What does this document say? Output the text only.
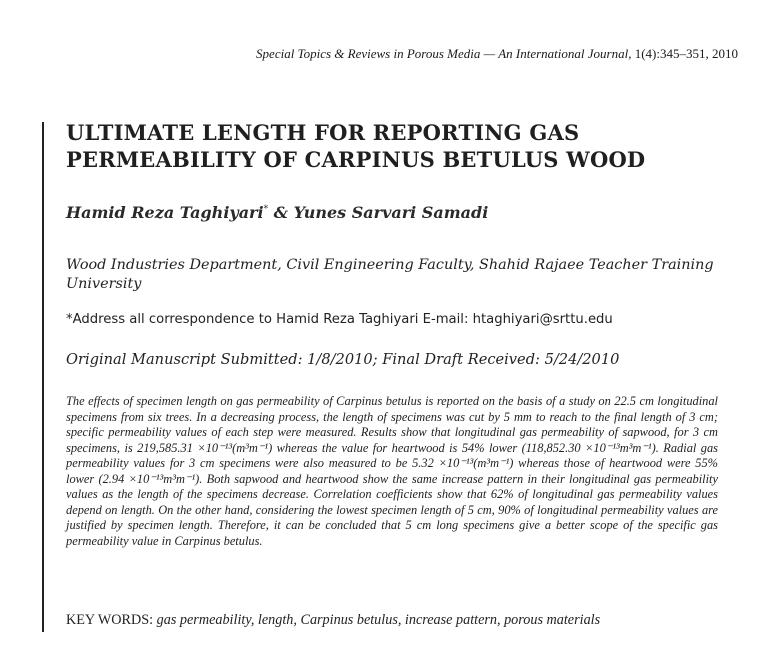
Special Topics & Reviews in Porous Media — An International Journal, 1(4):345–351, 2010
ULTIMATE LENGTH FOR REPORTING GAS
PERMEABILITY OF CARPINUS BETULUS WOOD
Hamid Reza Taghiyari* & Yunes Sarvari Samadi

Wood Industries Department, Civil Engineering Faculty, Shahid Rajaee Teacher Training University

*Address all correspondence to Hamid Reza Taghiyari E-mail: htaghiyari@srttu.edu
Original Manuscript Submitted: 1/8/2010; Final Draft Received: 5/24/2010

The effects of specimen length on gas permeability of Carpinus betulus is reported on the basis of a study on 22.5 cm longitudinal specimens from six trees. In a decreasing process, the length of specimens was cut by 5 mm to reach to the final length of 3 cm; specific permeability values of each step were measured. Results show that longitudinal gas permeability of sapwood, for 3 cm specimens, is 219,585.31 ×10⁻¹³(m³m⁻¹) whereas the value for heartwood is 54% lower (118,852.30 ×10⁻¹³m³m⁻¹). Radial gas permeability values for 3 cm specimens were also measured to be 5.32 ×10⁻¹³(m³m⁻¹) whereas those of heartwood were 55% lower (2.94 ×10⁻¹³m³m⁻¹). Both sapwood and heartwood show the same increase pattern in their longitudinal gas permeability values as the length of the specimens decrease. Correlation coefficients show that 62% of longitudinal gas permeability values depend on length. On the other hand, considering the lowest specimen length of 5 cm, 90% of longitudinal permeability values are justified by specimen length. Therefore, it can be concluded that 5 cm long specimens give a better scope of the specific gas permeability value in Carpinus betulus.

KEY WORDS: gas permeability, length, Carpinus betulus, increase pattern, porous materials
